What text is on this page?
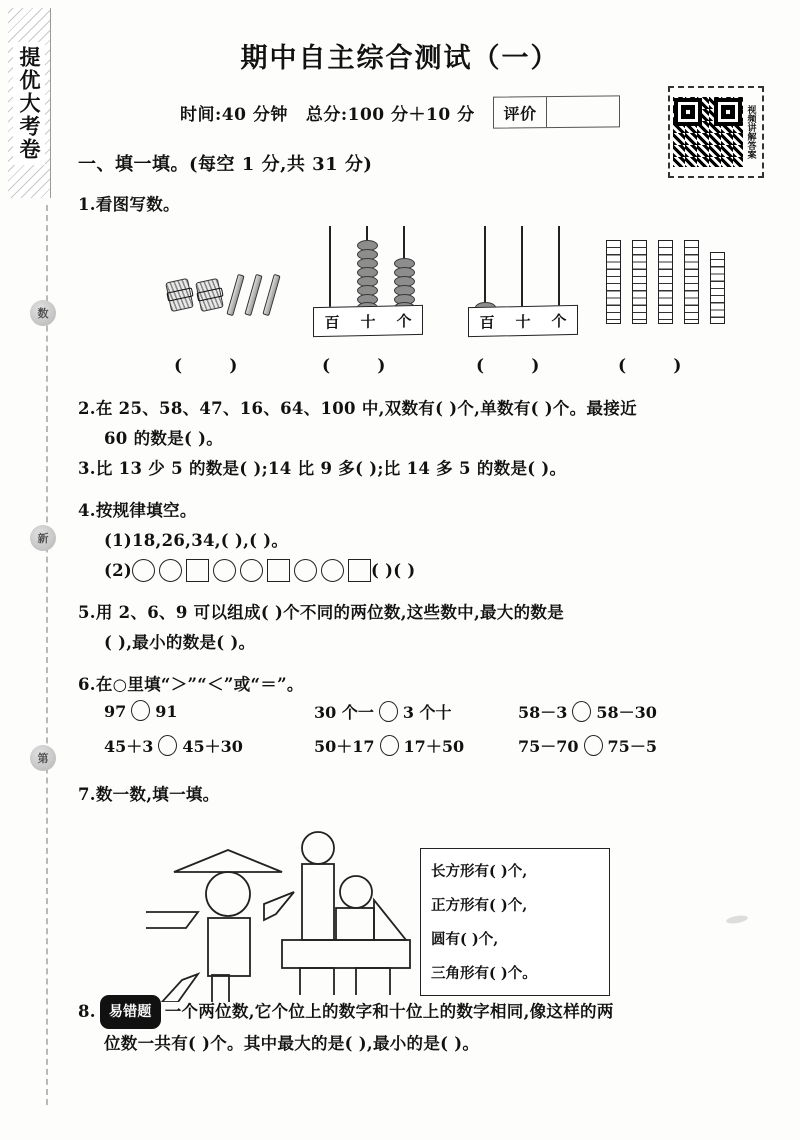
提优大考卷
数
新
第
期中自主综合测试（一）
时间:40 分钟 总分:100 分＋10 分	评价	视频讲解答案
一、填一填。(每空 1 分,共 31 分)
1.看图写数。
百 十 个	百 十 个
(        )	(        )	(        )	(        )
2.在 25、58、47、16、64、100 中,双数有( )个,单数有( )个。最接近
60 的数是( )。
3.比 13 少 5 的数是( );14 比 9 多( );比 14 多 5 的数是( )。
4.按规律填空。
(1)18,26,34,( ),( )。
(2)	( )( )
5.用 2、6、9 可以组成( )个不同的两位数,这些数中,最大的数是
( ),最小的数是( )。
6.在○里填“＞”“＜”或“＝”。
97 91	30 个一 3 个十	58－3 58－30
45＋3 45＋30	50＋17 17＋50	75－70 75－5
7.数一数,填一填。
长方形有( )个,
正方形有( )个,
圆有( )个,
三角形有( )个。
8. 易错题 一个两位数,它个位上的数字和十位上的数字相同,像这样的两
位数一共有( )个。其中最大的是( ),最小的是( )。
